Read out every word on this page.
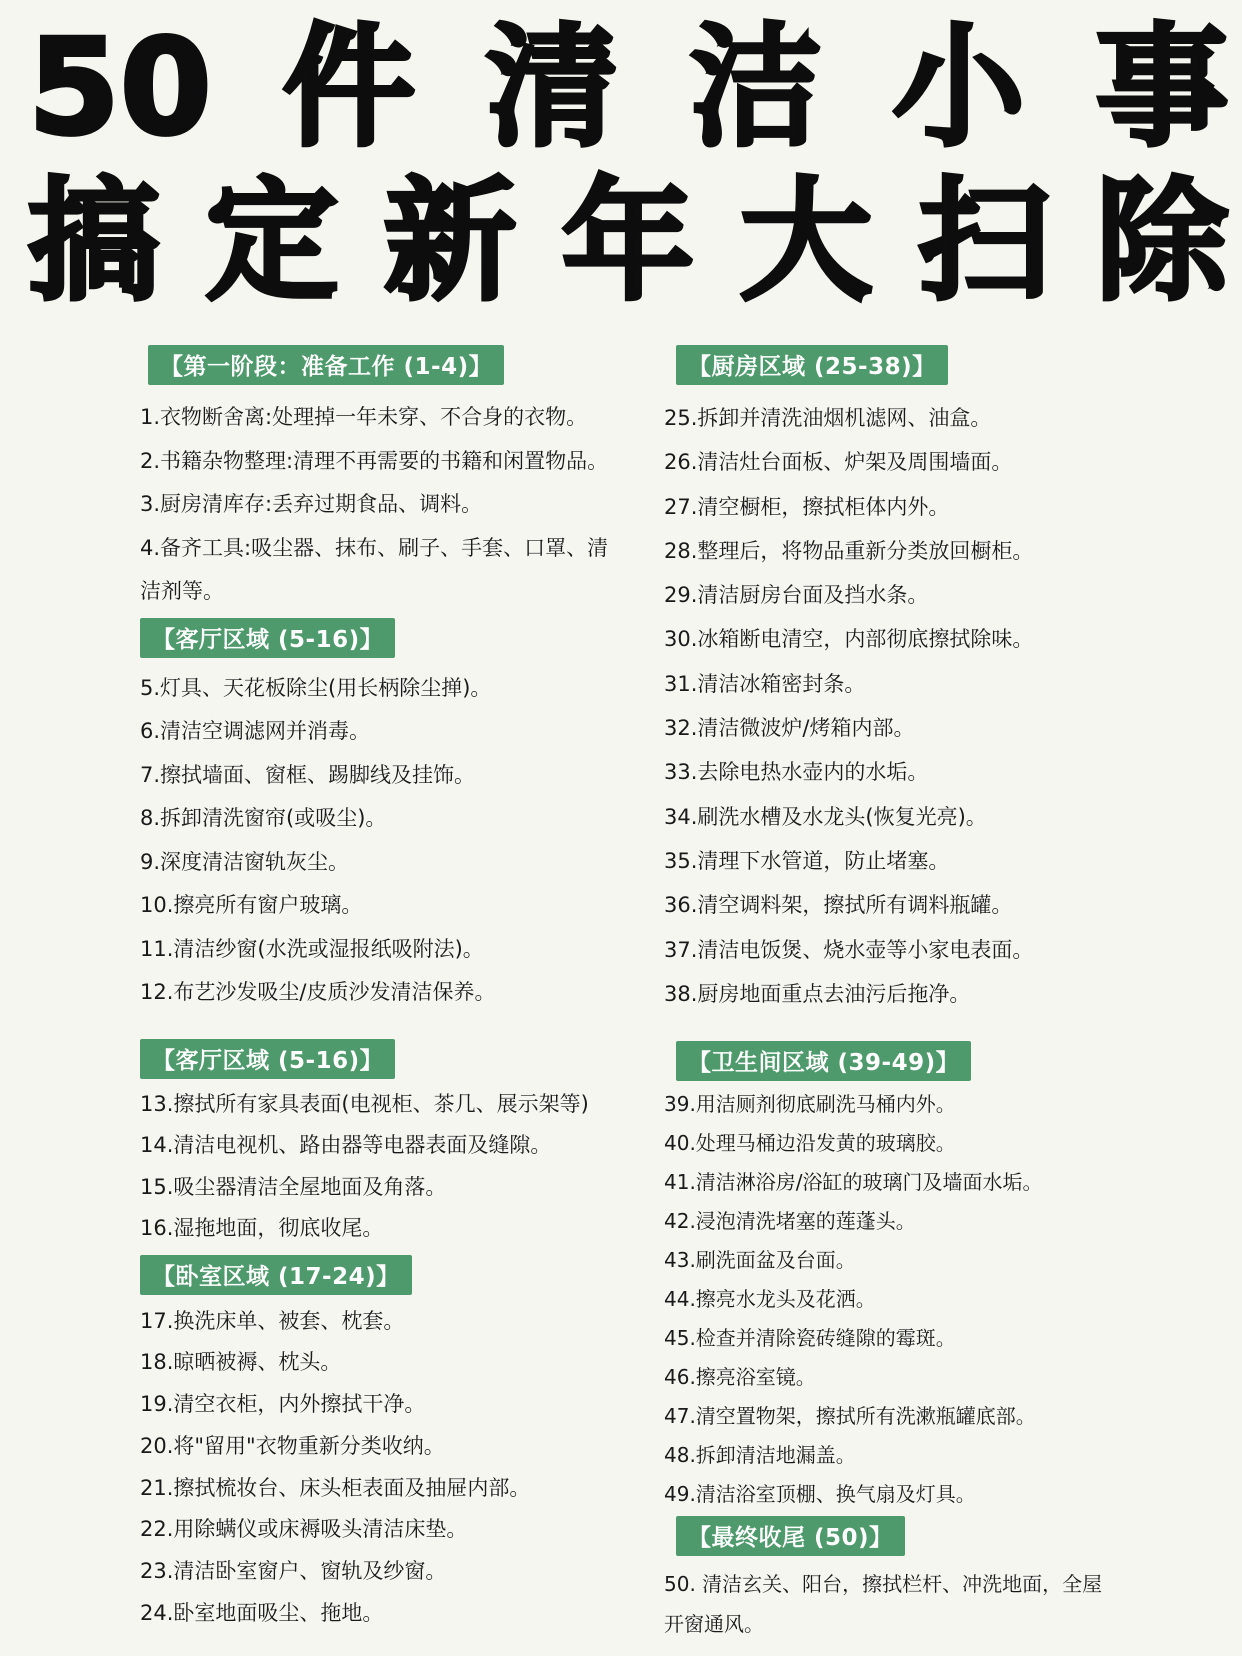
50 件 清 洁 小 事
搞 定 新 年 大 扫 除
【第一阶段：准备工作 (1-4)】
1.衣物断舍离:处理掉一年未穿、不合身的衣物。
2.书籍杂物整理:清理不再需要的书籍和闲置物品。
3.厨房清库存:丢弃过期食品、调料。
4.备齐工具:吸尘器、抹布、刷子、手套、口罩、清
洁剂等。
【客厅区域 (5-16)】
5.灯具、天花板除尘(用长柄除尘掸)。
6.清洁空调滤网并消毒。
7.擦拭墙面、窗框、踢脚线及挂饰。
8.拆卸清洗窗帘(或吸尘)。
9.深度清洁窗轨灰尘。
10.擦亮所有窗户玻璃。
11.清洁纱窗(水洗或湿报纸吸附法)。
12.布艺沙发吸尘/皮质沙发清洁保养。
【客厅区域 (5-16)】
13.擦拭所有家具表面(电视柜、茶几、展示架等)
14.清洁电视机、路由器等电器表面及缝隙。
15.吸尘器清洁全屋地面及角落。
16.湿拖地面，彻底收尾。
【卧室区域 (17-24)】
17.换洗床单、被套、枕套。
18.晾晒被褥、枕头。
19.清空衣柜，内外擦拭干净。
20.将"留用"衣物重新分类收纳。
21.擦拭梳妆台、床头柜表面及抽屉内部。
22.用除螨仪或床褥吸头清洁床垫。
23.清洁卧室窗户、窗轨及纱窗。
24.卧室地面吸尘、拖地。
【厨房区域 (25-38)】
25.拆卸并清洗油烟机滤网、油盒。
26.清洁灶台面板、炉架及周围墙面。
27.清空橱柜，擦拭柜体内外。
28.整理后，将物品重新分类放回橱柜。
29.清洁厨房台面及挡水条。
30.冰箱断电清空，内部彻底擦拭除味。
31.清洁冰箱密封条。
32.清洁微波炉/烤箱内部。
33.去除电热水壶内的水垢。
34.刷洗水槽及水龙头(恢复光亮)。
35.清理下水管道，防止堵塞。
36.清空调料架，擦拭所有调料瓶罐。
37.清洁电饭煲、烧水壶等小家电表面。
38.厨房地面重点去油污后拖净。
【卫生间区域 (39-49)】
39.用洁厕剂彻底刷洗马桶内外。
40.处理马桶边沿发黄的玻璃胶。
41.清洁淋浴房/浴缸的玻璃门及墙面水垢。
42.浸泡清洗堵塞的莲蓬头。
43.刷洗面盆及台面。
44.擦亮水龙头及花洒。
45.检查并清除瓷砖缝隙的霉斑。
46.擦亮浴室镜。
47.清空置物架，擦拭所有洗漱瓶罐底部。
48.拆卸清洁地漏盖。
49.清洁浴室顶棚、换气扇及灯具。
【最终收尾 (50)】
50. 清洁玄关、阳台，擦拭栏杆、冲洗地面，全屋
开窗通风。
